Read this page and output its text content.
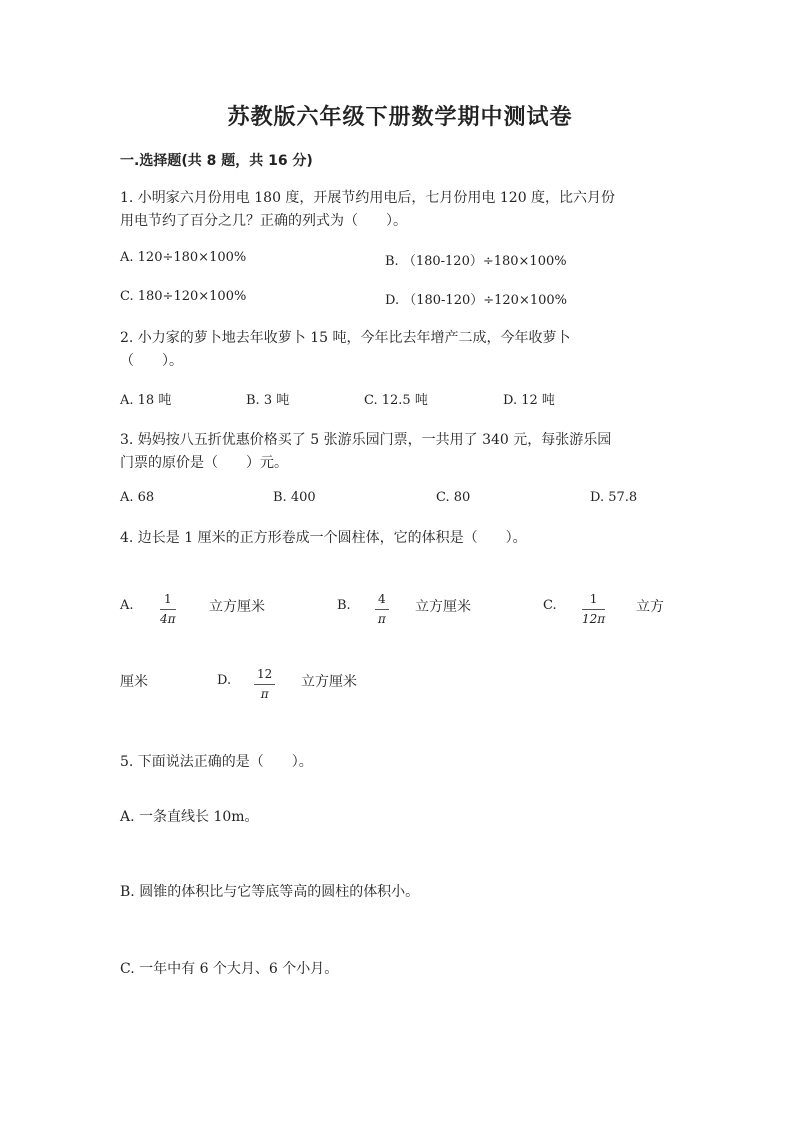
苏教版六年级下册数学期中测试卷
一.选择题(共 8 题，共 16 分)
1. 小明家六月份用电 180 度，开展节约用电后，七月份用电 120 度，比六月份
用电节约了百分之几？正确的列式为（　　）。
A. 120÷180×100%	B. （180-120）÷180×100%
C. 180÷120×100%	D. （180-120）÷120×100%
2. 小力家的萝卜地去年收萝卜 15 吨，今年比去年增产二成，今年收萝卜
（　　）。
A. 18 吨	B. 3 吨	C. 12.5 吨	D. 12 吨
3. 妈妈按八五折优惠价格买了 5 张游乐园门票，一共用了 340 元，每张游乐园
门票的原价是（　　）元。
A. 68	B. 400	C. 80	D. 57.8
4. 边长是 1 厘米的正方形卷成一个圆柱体，它的体积是（　　）。
A.	1
4π
立方厘米	B. 4
π
立方厘米	C.	1
12π
立方
厘米	D. 12
π
立方厘米
5. 下面说法正确的是（　　）。
A. 一条直线长 10m。
B. 圆锥的体积比与它等底等高的圆柱的体积小。
C. 一年中有 6 个大月、6 个小月。
